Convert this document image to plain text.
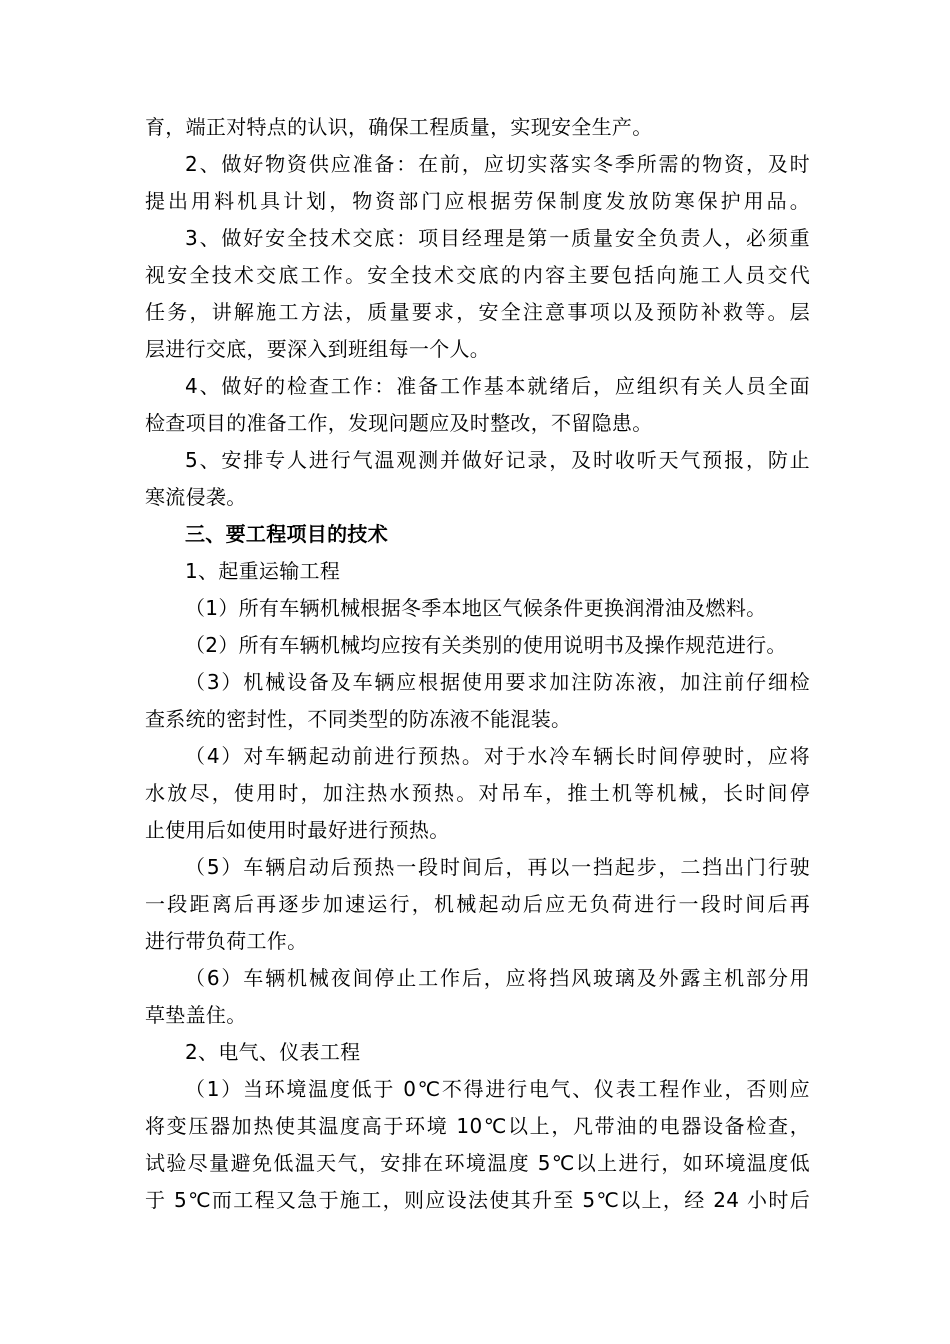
育，端正对特点的认识，确保工程质量，实现安全生产。
2、做好物资供应准备：在前，应切实落实冬季所需的物资，及时
提出用料机具计划，物资部门应根据劳保制度发放防寒保护用品。
3、做好安全技术交底：项目经理是第一质量安全负责人，必须重
视安全技术交底工作。安全技术交底的内容主要包括向施工人员交代
任务，讲解施工方法，质量要求，安全注意事项以及预防补救等。层
层进行交底，要深入到班组每一个人。
4、做好的检查工作：准备工作基本就绪后，应组织有关人员全面
检查项目的准备工作，发现问题应及时整改，不留隐患。
5、安排专人进行气温观测并做好记录，及时收听天气预报，防止
寒流侵袭。
三、要工程项目的技术
1、起重运输工程
（1）所有车辆机械根据冬季本地区气候条件更换润滑油及燃料。
（2）所有车辆机械均应按有关类别的使用说明书及操作规范进行。
（3）机械设备及车辆应根据使用要求加注防冻液，加注前仔细检
查系统的密封性，不同类型的防冻液不能混装。
（4）对车辆起动前进行预热。对于水冷车辆长时间停驶时，应将
水放尽，使用时，加注热水预热。对吊车，推土机等机械，长时间停
止使用后如使用时最好进行预热。
（5）车辆启动后预热一段时间后，再以一挡起步，二挡出门行驶
一段距离后再逐步加速运行，机械起动后应无负荷进行一段时间后再
进行带负荷工作。
（6）车辆机械夜间停止工作后，应将挡风玻璃及外露主机部分用
草垫盖住。
2、电气、仪表工程
（1）当环境温度低于 0℃不得进行电气、仪表工程作业，否则应
将变压器加热使其温度高于环境 10℃以上，凡带油的电器设备检查，
试验尽量避免低温天气，安排在环境温度 5℃以上进行，如环境温度低
于 5℃而工程又急于施工，则应设法使其升至 5℃以上，经 24 小时后
